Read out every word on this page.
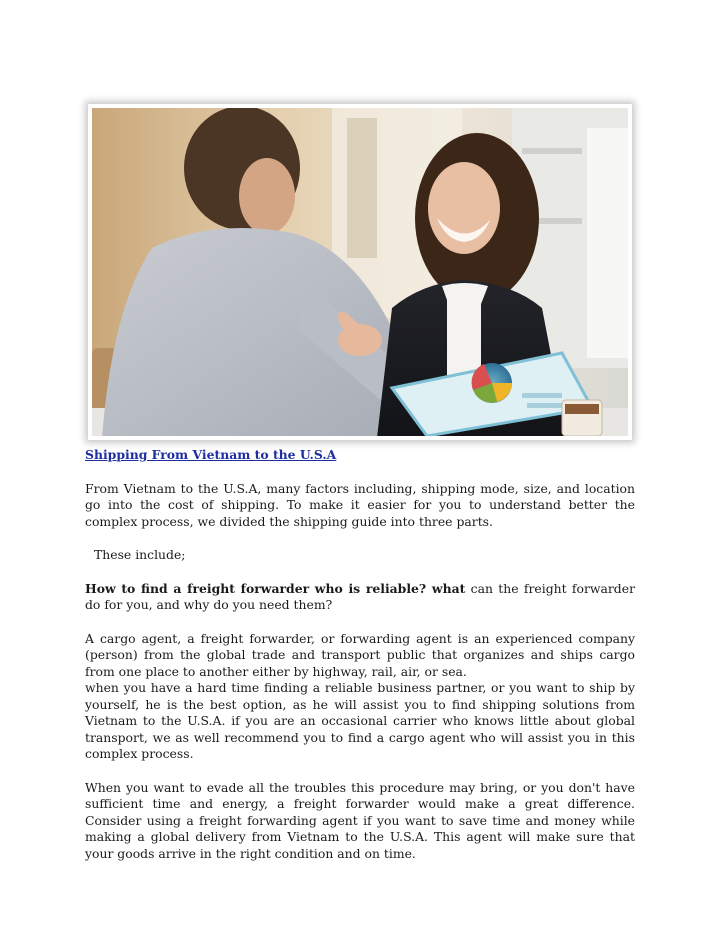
Shipping From Vietnam to the U.S.A

From Vietnam to the U.S.A, many factors including, shipping mode, size, and location go into the cost of shipping. To make it easier for you to understand better the complex process, we divided the shipping guide into three parts.

These include;

How to find a freight forwarder who is reliable? what can the freight forwarder do for you, and why do you need them?

A cargo agent, a freight forwarder, or forwarding agent is an experienced company (person) from the global trade and transport public that organizes and ships cargo from one place to another either by highway, rail, air, or sea.

when you have a hard time finding a reliable business partner, or you want to ship by yourself, he is the best option, as he will assist you to find shipping solutions from Vietnam to the U.S.A. if you are an occasional carrier who knows little about global transport, we as well recommend you to find a cargo agent who will assist you in this complex process.

When you want to evade all the troubles this procedure may bring, or you don't have sufficient time and energy, a freight forwarder would make a great difference. Consider using a freight forwarding agent if you want to save time and money while making a global delivery from Vietnam to the U.S.A. This agent will make sure that your goods arrive in the right condition and on time.
